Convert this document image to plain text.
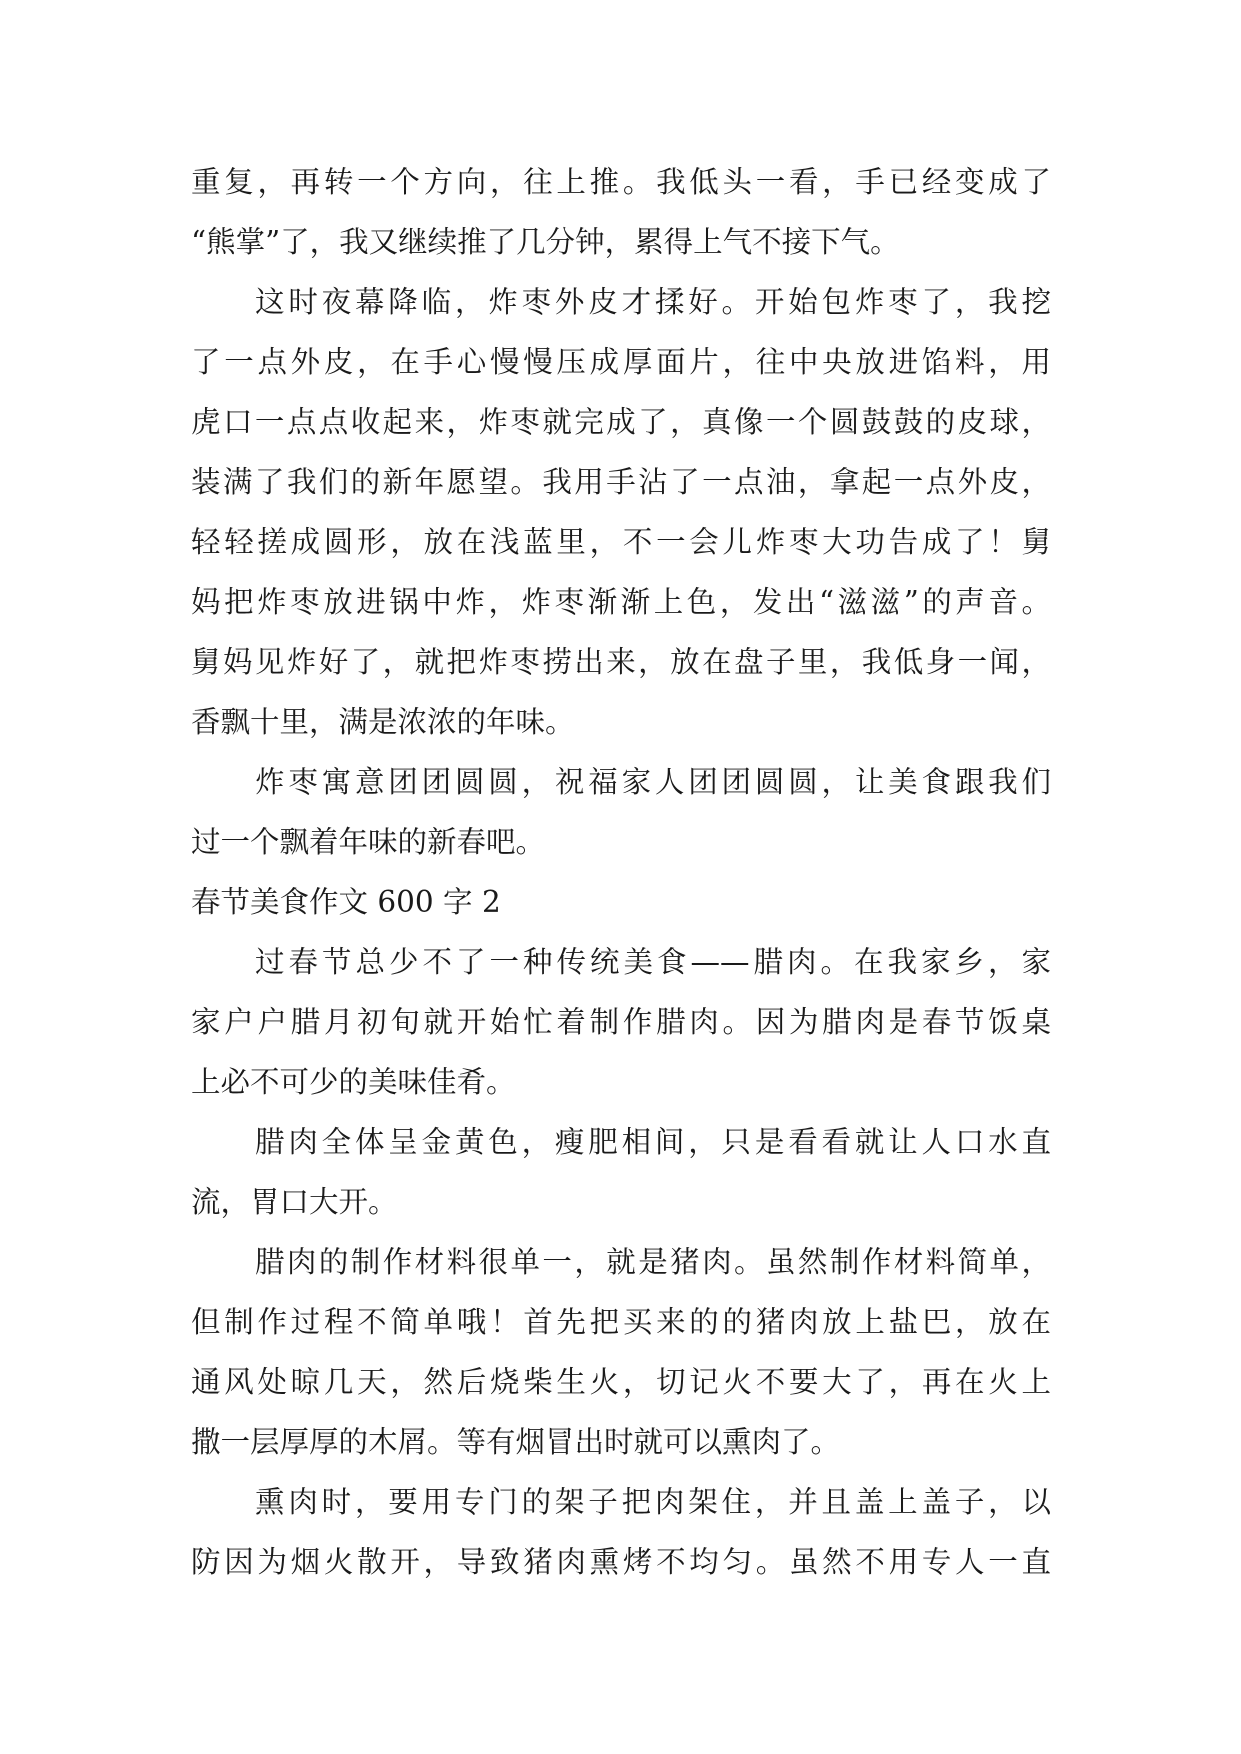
重复，再转一个方向，往上推。我低头一看，手已经变成了
“熊掌”了，我又继续推了几分钟，累得上气不接下气。
这时夜幕降临，炸枣外皮才揉好。开始包炸枣了，我挖
了一点外皮，在手心慢慢压成厚面片，往中央放进馅料，用
虎口一点点收起来，炸枣就完成了，真像一个圆鼓鼓的皮球，
装满了我们的新年愿望。我用手沾了一点油，拿起一点外皮，
轻轻搓成圆形，放在浅蓝里，不一会儿炸枣大功告成了！舅
妈把炸枣放进锅中炸，炸枣渐渐上色，发出“滋滋”的声音。
舅妈见炸好了，就把炸枣捞出来，放在盘子里，我低身一闻，
香飘十里，满是浓浓的年味。
炸枣寓意团团圆圆，祝福家人团团圆圆，让美食跟我们
过一个飘着年味的新春吧。
春节美食作文 600 字 2
过春节总少不了一种传统美食——腊肉。在我家乡，家
家户户腊月初旬就开始忙着制作腊肉。因为腊肉是春节饭桌
上必不可少的美味佳肴。
腊肉全体呈金黄色，瘦肥相间，只是看看就让人口水直
流，胃口大开。
腊肉的制作材料很单一，就是猪肉。虽然制作材料简单，
但制作过程不简单哦！首先把买来的的猪肉放上盐巴，放在
通风处晾几天，然后烧柴生火，切记火不要大了，再在火上
撒一层厚厚的木屑。等有烟冒出时就可以熏肉了。
熏肉时，要用专门的架子把肉架住，并且盖上盖子，以
防因为烟火散开，导致猪肉熏烤不均匀。虽然不用专人一直
